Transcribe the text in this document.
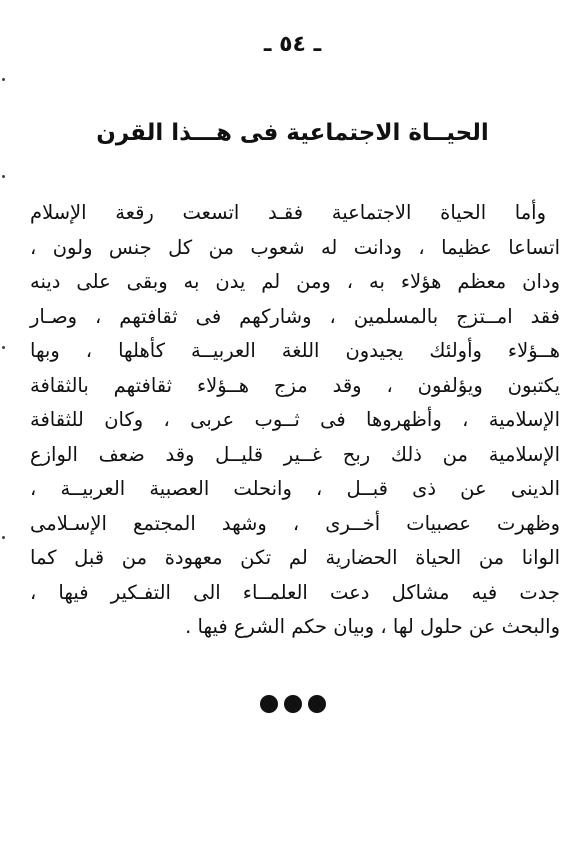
ـ ٥٤ ـ
الحيــاة الاجتماعية فى هـــذا القرن
وأما الحياة الاجتماعية فقـد اتسعت رقعة الإسلام
اتساعا عظيما ، ودانت له شعوب من كل جنس ولون ،
ودان معظم هؤلاء به ، ومن لم يدن به وبقى على دينه
فقد امــتزج بالمسلمين ، وشاركهم فى ثقافتهم ، وصـار
هــؤلاء وأولئك يجيدون اللغة العربيــة كأهلها ، وبها
يكتبون ويؤلفون ، وقد مزج هــؤلاء ثقافتهم بالثقافة
الإسلامية ، وأظهروها فى ثــوب عربى ، وكان للثقافة
الإسلامية من ذلك ربح غــير قليــل وقد ضعف الوازع
الدينى عن ذى قبــل ، وانحلت العصبية العربيــة ،
وظهرت عصبيات أخــرى ، وشهد المجتمع الإسـلامى
الوانا من الحياة الحضارية لم تكن معهودة من قبل كما
جدت فيه مشاكل دعت العلمــاء الى التفـكير فيها ،
والبحث عن حلول لها ، وبيان حكم الشرع فيها .
